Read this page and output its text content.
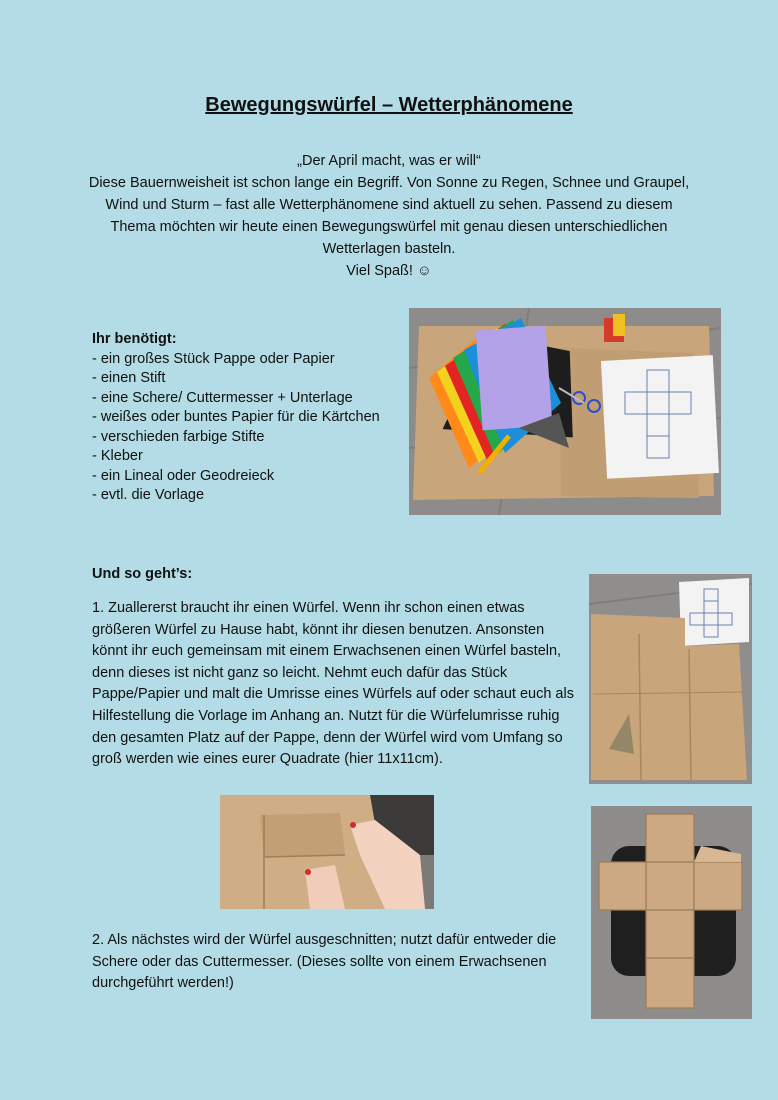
Bewegungswürfel – Wetterphänomene
„Der April macht, was er will“
Diese Bauernweisheit ist schon lange ein Begriff. Von Sonne zu Regen, Schnee und Graupel,
Wind und Sturm – fast alle Wetterphänomene sind aktuell zu sehen. Passend zu diesem
Thema möchten wir heute einen Bewegungswürfel mit genau diesen unterschiedlichen
Wetterlagen basteln.
Viel Spaß! ☺
Ihr benötigt:
- ein großes Stück Pappe oder Papier
- einen Stift
- eine Schere/ Cuttermesser + Unterlage
- weißes oder buntes Papier für die Kärtchen
- verschieden farbige Stifte
- Kleber
- ein Lineal oder Geodreieck
- evtl. die Vorlage
Und so geht’s:
1. Zuallererst braucht ihr einen Würfel. Wenn ihr schon einen etwas
größeren Würfel zu Hause habt, könnt ihr diesen benutzen. Ansonsten
könnt ihr euch gemeinsam mit einem Erwachsenen einen Würfel basteln,
denn dieses ist nicht ganz so leicht. Nehmt euch dafür das Stück
Pappe/Papier und malt die Umrisse eines Würfels auf oder schaut euch als
Hilfestellung die Vorlage im Anhang an. Nutzt für die Würfelumrisse ruhig
den gesamten Platz auf der Pappe, denn der Würfel wird vom Umfang so
groß werden wie eines eurer Quadrate (hier 11x11cm).
2. Als nächstes wird der Würfel ausgeschnitten; nutzt dafür entweder die
Schere oder das Cuttermesser. (Dieses sollte von einem Erwachsenen
durchgeführt werden!)
